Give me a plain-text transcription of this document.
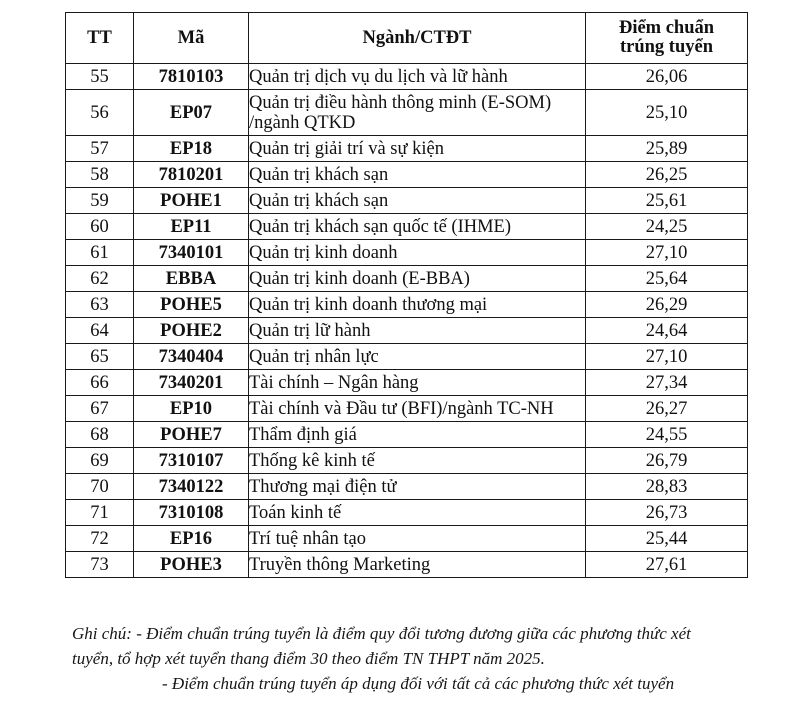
TT	Mã	Ngành/CTĐT	Điểm chuẩn
trúng tuyển
55	7810103	Quản trị dịch vụ du lịch và lữ hành	26,06
56	EP07	Quản trị điều hành thông minh (E-SOM)
/ngành QTKD	25,10
57	EP18	Quản trị giải trí và sự kiện	25,89
58	7810201	Quản trị khách sạn	26,25
59	POHE1	Quản trị khách sạn	25,61
60	EP11	Quản trị khách sạn quốc tế (IHME)	24,25
61	7340101	Quản trị kinh doanh	27,10
62	EBBA	Quản trị kinh doanh (E-BBA)	25,64
63	POHE5	Quản trị kinh doanh thương mại	26,29
64	POHE2	Quản trị lữ hành	24,64
65	7340404	Quản trị nhân lực	27,10
66	7340201	Tài chính – Ngân hàng	27,34
67	EP10	Tài chính và Đầu tư (BFI)/ngành TC-NH	26,27
68	POHE7	Thẩm định giá	24,55
69	7310107	Thống kê kinh tế	26,79
70	7340122	Thương mại điện tử	28,83
71	7310108	Toán kinh tế	26,73
72	EP16	Trí tuệ nhân tạo	25,44
73	POHE3	Truyền thông Marketing	27,61

Ghi chú: - Điểm chuẩn trúng tuyển là điểm quy đổi tương đương giữa các phương thức xét

tuyển, tổ hợp xét tuyển thang điểm 30 theo điểm TN THPT năm 2025.

- Điểm chuẩn trúng tuyển áp dụng đối với tất cả các phương thức xét tuyển
